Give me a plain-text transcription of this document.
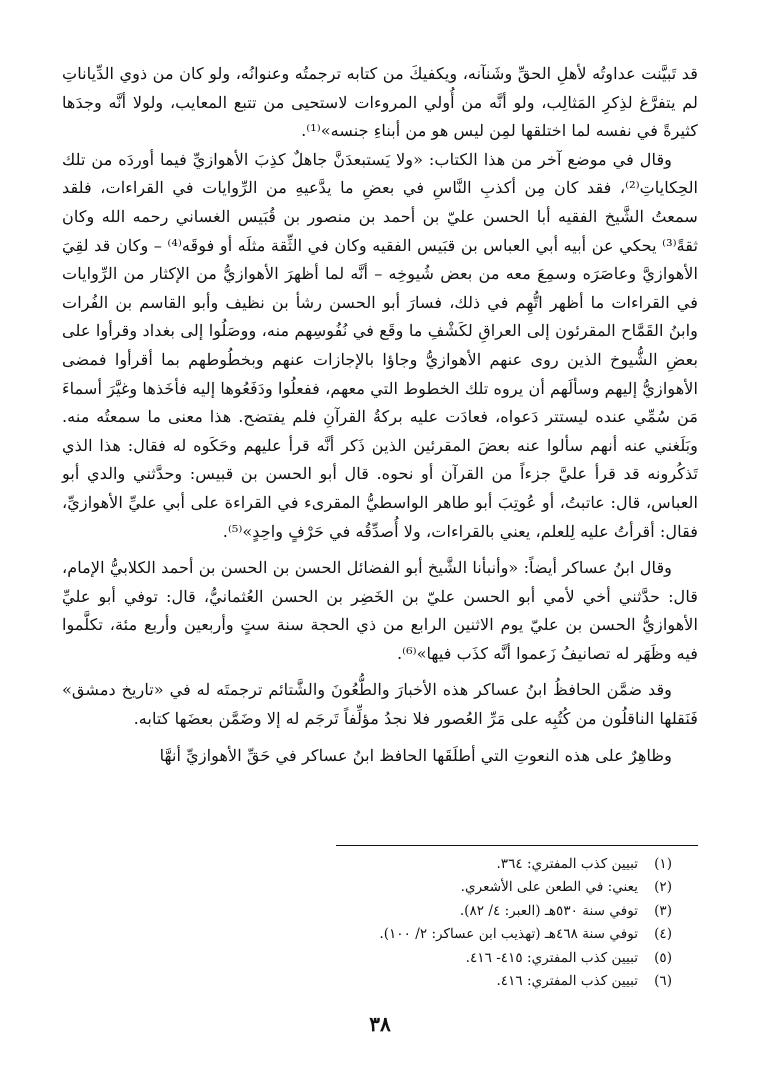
قد تَبيَّنت عداوتُه لأهلِ الحقِّ وشَنآنه، ويكفيكَ من كتابه ترجمتُه وعنوانُه، ولو كان من ذوي الدِّياناتِ لم يتفرَّغ لذِكرِ المَثالِب، ولو أنَّه من أُولي المروءات لاستحيى من تتبع المعايب، ولولا أنَّه وجدَها كثيرةً في نفسه لما اختلقها لمِن ليس هو من أبناءِ جنسه»⁽¹⁾.

وقال في موضع آخر من هذا الكتاب: «ولا يَستبعدَنَّ جاهلٌ كذِبَ الأهوازيِّ فيما أوردَه من تلك الحِكاياتِ⁽²⁾، فقد كان مِن أكذبِ النَّاسِ في بعضِ ما يدَّعيهِ من الرِّوايات في القراءات، فلقد سمعتُ الشَّيخ الفقيه أبا الحسن عليّ بن أحمد بن منصور بن قُبَيس الغساني رحمه الله وكان ثقةً⁽³⁾ يحكي عن أبيه أبي العباس بن قبَيس الفقيه وكان في الثِّقة مثلَه أو فوقَه⁽⁴⁾ – وكان قد لقِيَ الأهوازيَّ وعاصَرَه وسمِعَ معه من بعض شُيوخِه – أنَّه لما أظهرَ الأهوازيُّ من الإكثار من الرِّوايات في القراءات ما أظهر اتُّهِم في ذلك، فسارَ أبو الحسن رشأ بن نظيف وأبو القاسم بن الفُرات وابنُ القَمَّاح المقرئون إلى العراقِ لكَشْفِ ما وقَع في نُفُوسِهم منه، ووصَلُوا إلى بغداد وقرأوا على بعضِ الشُّيوخ الذين روى عنهم الأهوازيُّ وجاؤا بالإجازات عنهم وبخطُوطهم بما أقرأوا فمضى الأهوازيُّ إليهم وسألَهم أن يروه تلك الخطوط التي معهم، ففعلُوا ودَفَعُوها إليه فأخَذها وغيَّرَ أسماءَ مَن سُمِّي عنده ليستتر دَعواه، فعادَت عليه بركةُ القرآنِ فلم يفتضح. هذا معنى ما سمعتُه منه. وبَلَغني عنه أنهم سألوا عنه بعضَ المقرئين الذين ذَكر أنَّه قرأ عليهم وحَكَوه له فقال: هذا الذي تَذكُرونه قد قرأ عليَّ جزءاً من القرآن أو نحوه. قال أبو الحسن بن قبيس: وحدَّثني والدي أبو العباس، قال: عاتبتُ، أو عُوتِبَ أبو طاهر الواسطيُّ المقرىء في القراءة على أبي عليِّ الأهوازيِّ، فقال: أقرأتُ عليه لِلعلم، يعني بالقراءات، ولا أُصدِّقُه في حَرْفٍ واحِدٍ»⁽⁵⁾.

وقال ابنُ عساكر أيضاً: «وأنبأنا الشَّيخ أبو الفضائل الحسن بن الحسن بن أحمد الكلابيُّ الإمام، قال: حدَّثني أخي لأمي أبو الحسن عليّ بن الخَضِر بن الحسن العُثمانيُّ، قال: توفي أبو عليِّ الأهوازيُّ الحسن بن عليّ يوم الاثنين الرابع من ذي الحجة سنة ستٍ وأربعين وأربع مئة، تكلَّموا فيه وظَهَر له تصانيفُ زَعموا أنَّه كذَب فيها»⁽⁶⁾.

وقد ضمَّن الحافظُ ابنُ عساكر هذه الأخبارَ والطُّعُونَ والشَّتائم ترجمتَه له في «تاريخ دمشق» فَنَقلها الناقلُون من كُتُبِه على مَرِّ العُصور فلا نجدُ مؤلِّفاً تَرجَم له إلا وضَمَّن بعضَها كتابه.

وظاهِرٌ على هذه النعوتِ التي أطلَقَها الحافظ ابنُ عساكر في حَقِّ الأهوازيِّ أنهَّا

(١)
تبيين كذب المفتري: ٣٦٤.
(٢)
يعني: في الطعن على الأشعري.
(٣)
توفي سنة ٥٣٠هـ (العبر: ٤/ ٨٢).
(٤)
توفي سنة ٤٦٨هـ (تهذيب ابن عساكر: ٢/ ١٠٠).
(٥)
تبيين كذب المفتري: ٤١٥- ٤١٦.
(٦)
تبيين كذب المفتري: ٤١٦.
٣٨
